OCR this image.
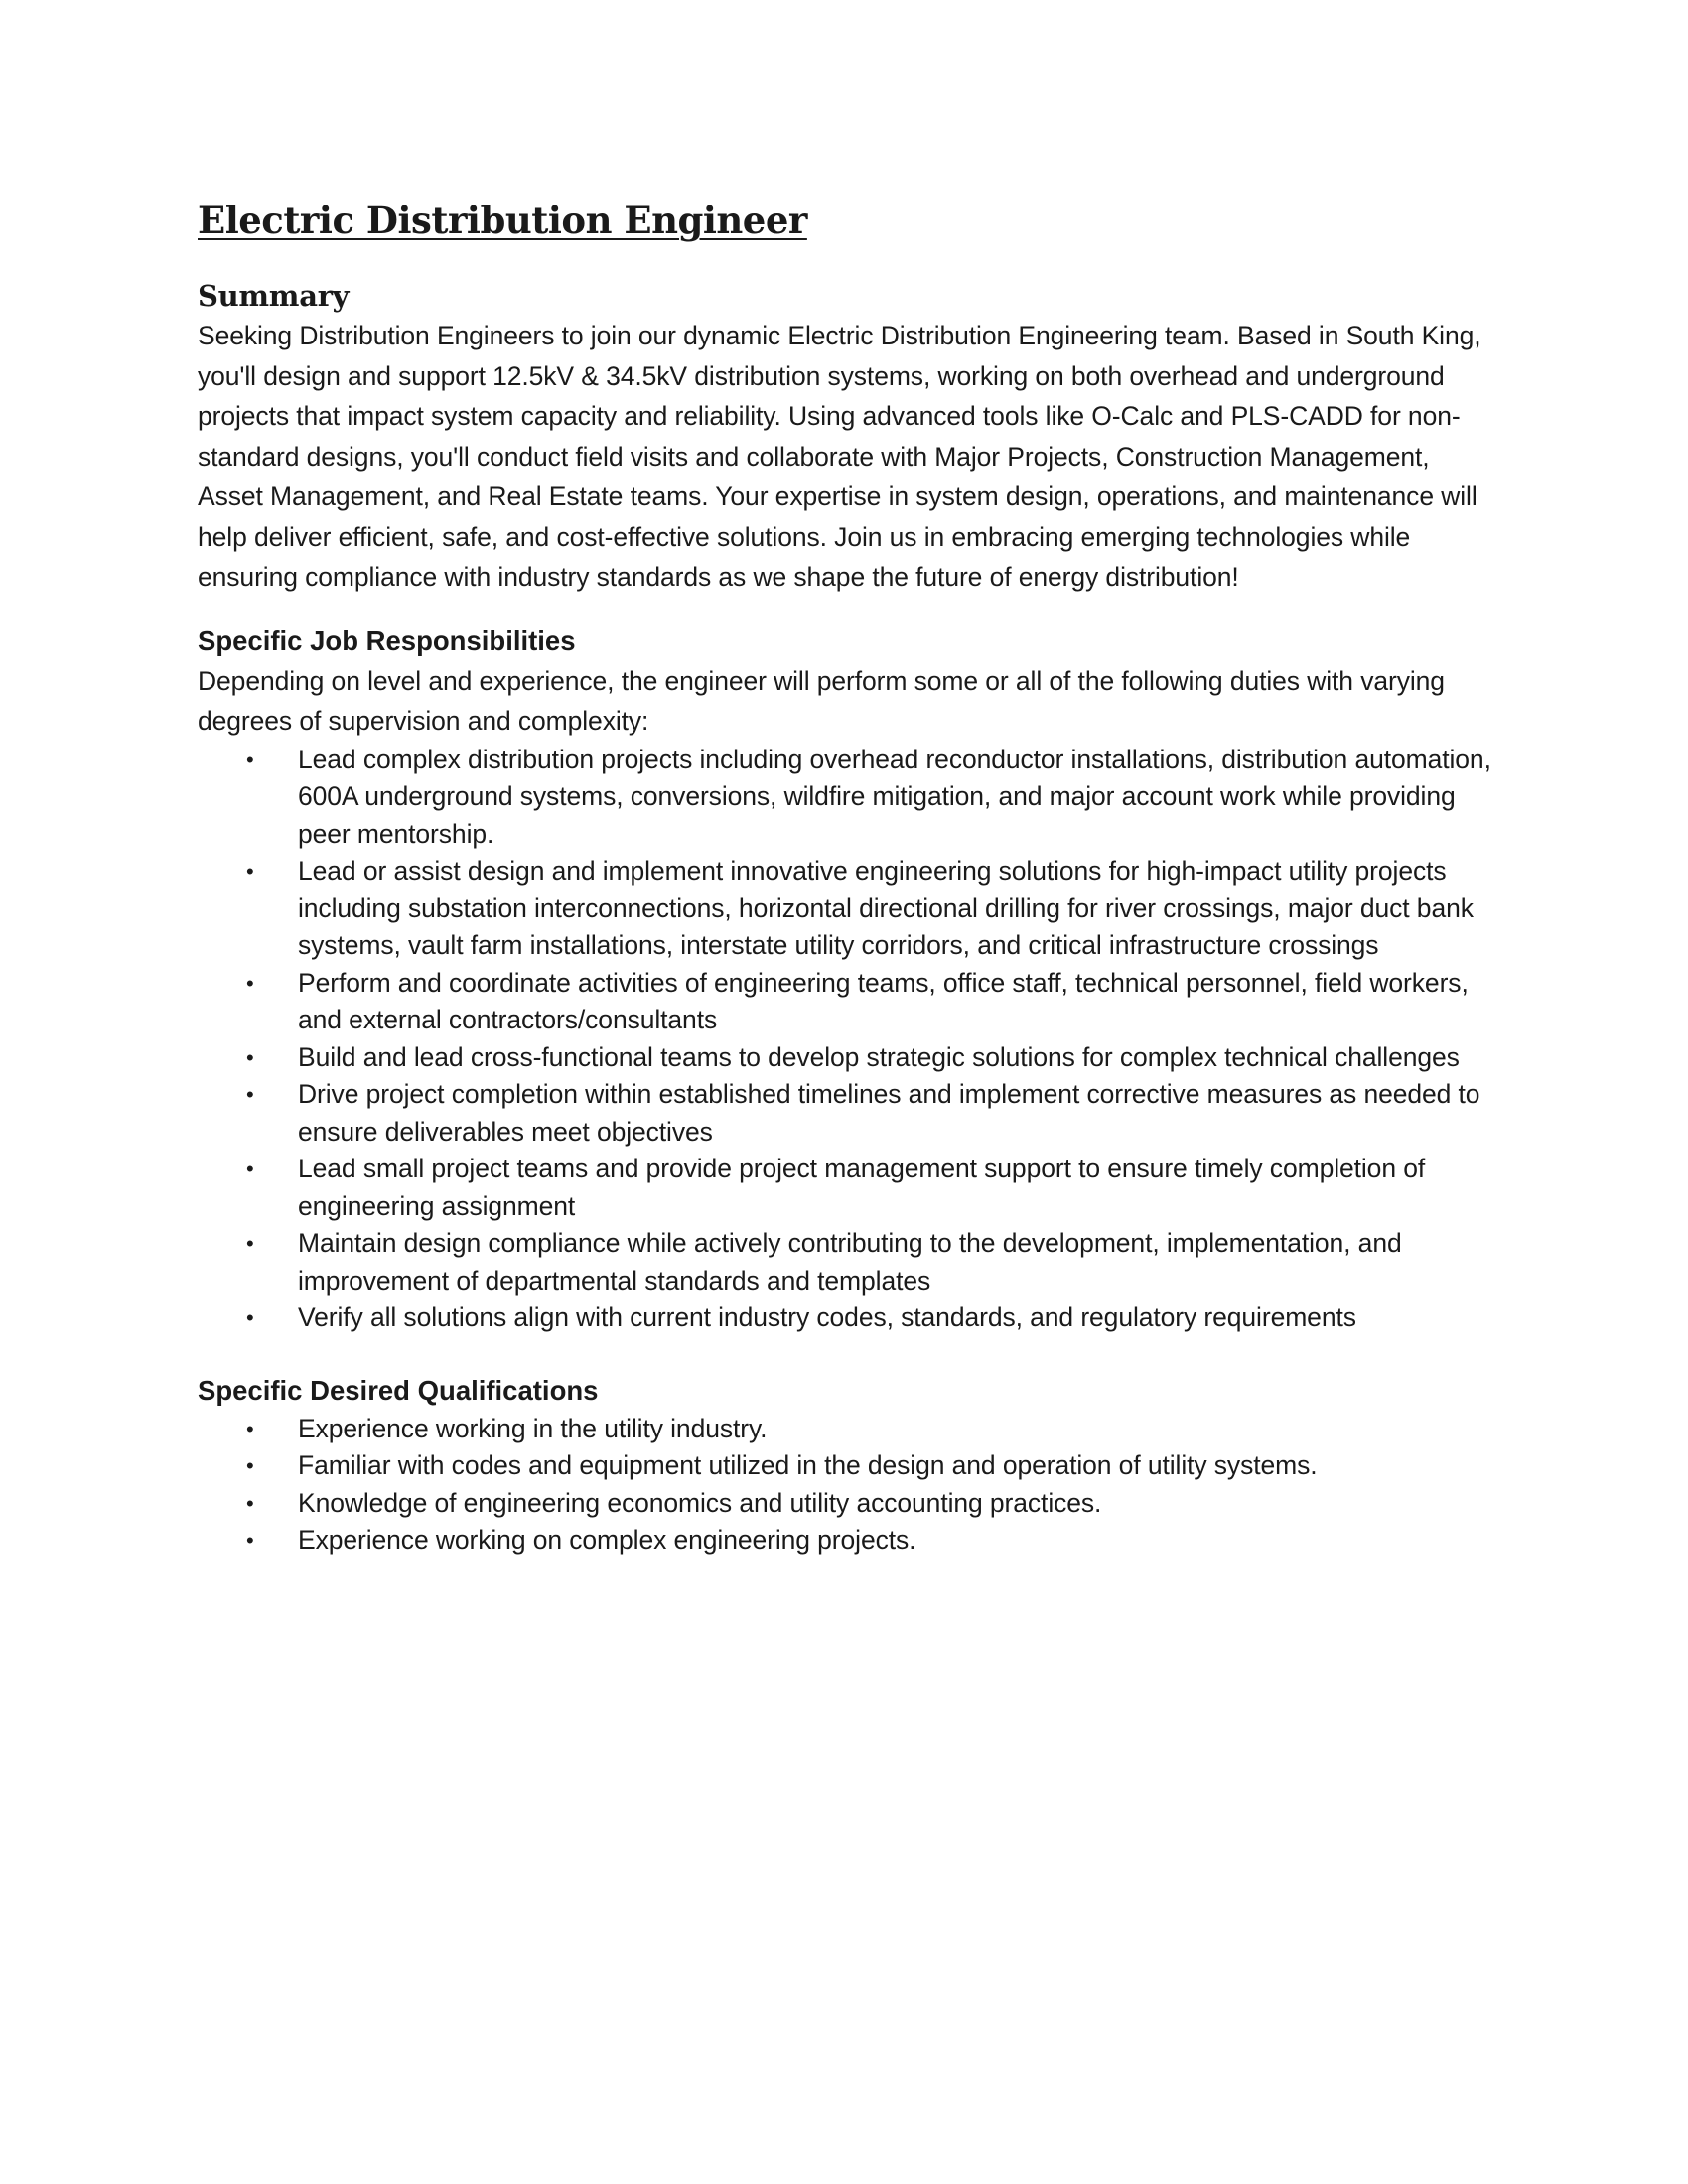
Electric Distribution Engineer
Summary

Seeking Distribution Engineers to join our dynamic Electric Distribution Engineering team. Based in South King, you'll design and support 12.5kV & 34.5kV distribution systems, working on both overhead and underground projects that impact system capacity and reliability. Using advanced tools like O-Calc and PLS-CADD for non-standard designs, you'll conduct field visits and collaborate with Major Projects, Construction Management, Asset Management, and Real Estate teams. Your expertise in system design, operations, and maintenance will help deliver efficient, safe, and cost-effective solutions. Join us in embracing emerging technologies while ensuring compliance with industry standards as we shape the future of energy distribution!

Specific Job Responsibilities

Depending on level and experience, the engineer will perform some or all of the following duties with varying degrees of supervision and complexity:

• Lead complex distribution projects including overhead reconductor installations, distribution automation, 600A underground systems, conversions, wildfire mitigation, and major account work while providing peer mentorship.
• Lead or assist design and implement innovative engineering solutions for high-impact utility projects including substation interconnections, horizontal directional drilling for river crossings, major duct bank systems, vault farm installations, interstate utility corridors, and critical infrastructure crossings
• Perform and coordinate activities of engineering teams, office staff, technical personnel, field workers, and external contractors/consultants
• Build and lead cross-functional teams to develop strategic solutions for complex technical challenges
• Drive project completion within established timelines and implement corrective measures as needed to ensure deliverables meet objectives
• Lead small project teams and provide project management support to ensure timely completion of engineering assignment
• Maintain design compliance while actively contributing to the development, implementation, and improvement of departmental standards and templates
• Verify all solutions align with current industry codes, standards, and regulatory requirements
Specific Desired Qualifications
• Experience working in the utility industry.
• Familiar with codes and equipment utilized in the design and operation of utility systems.
• Knowledge of engineering economics and utility accounting practices.
• Experience working on complex engineering projects.
